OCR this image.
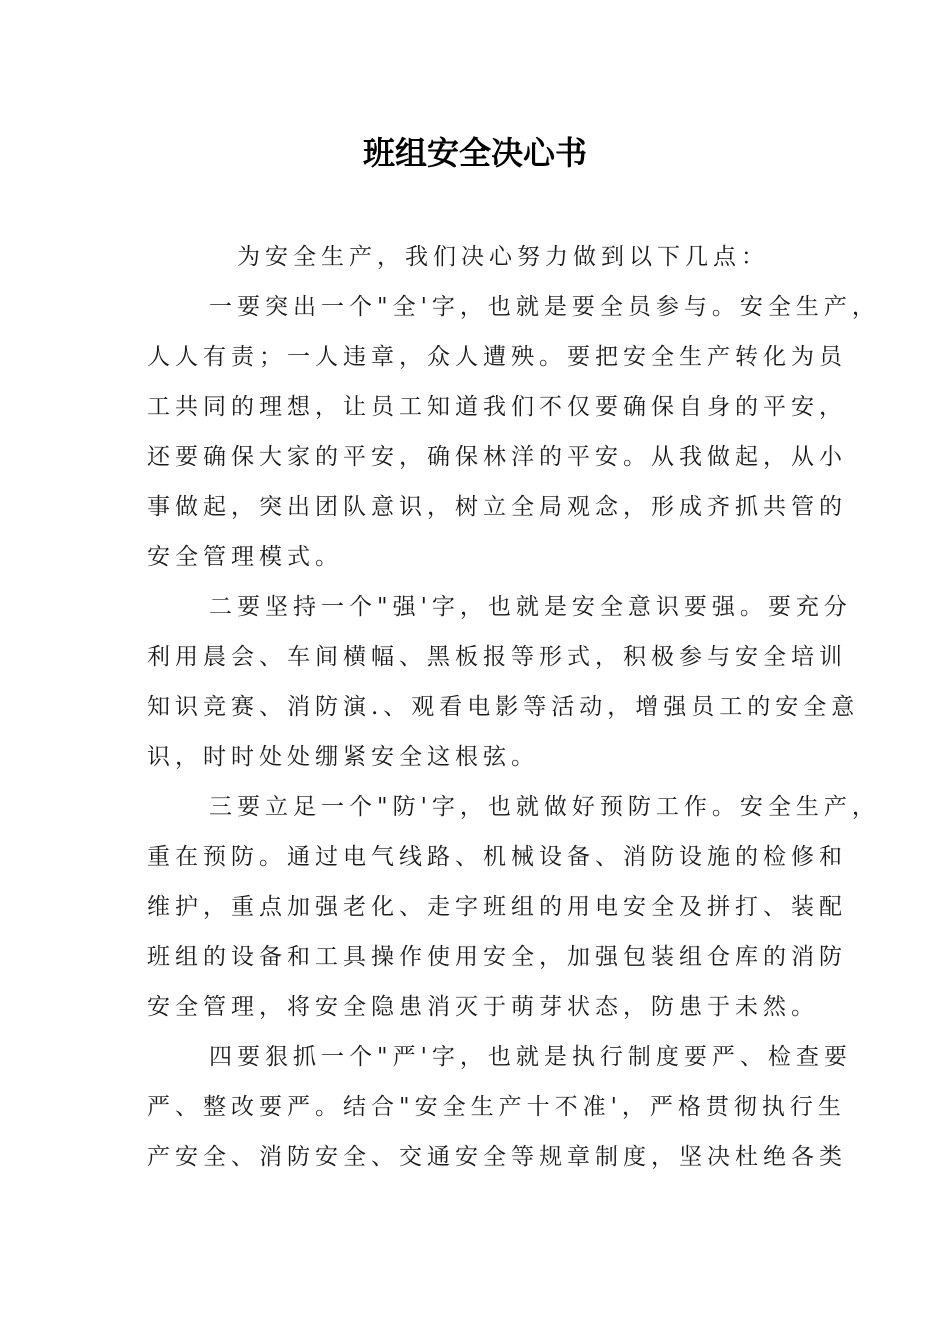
班组安全决心书
为安全生产，我们决心努力做到以下几点：
一要突出一个"全'字，也就是要全员参与。安全生产，
人人有责；一人违章，众人遭殃。要把安全生产转化为员
工共同的理想，让员工知道我们不仅要确保自身的平安，
还要确保大家的平安，确保林洋的平安。从我做起，从小
事做起，突出团队意识，树立全局观念，形成齐抓共管的
安全管理模式。
二要坚持一个"强'字，也就是安全意识要强。要充分
利用晨会、车间横幅、黑板报等形式，积极参与安全培训
知识竞赛、消防演.、观看电影等活动，增强员工的安全意
识，时时处处绷紧安全这根弦。
三要立足一个"防'字，也就做好预防工作。安全生产，
重在预防。通过电气线路、机械设备、消防设施的检修和
维护，重点加强老化、走字班组的用电安全及拼打、装配
班组的设备和工具操作使用安全，加强包装组仓库的消防
安全管理，将安全隐患消灭于萌芽状态，防患于未然。
四要狠抓一个"严'字，也就是执行制度要严、检查要
严、整改要严。结合"安全生产十不准'，严格贯彻执行生
产安全、消防安全、交通安全等规章制度，坚决杜绝各类
